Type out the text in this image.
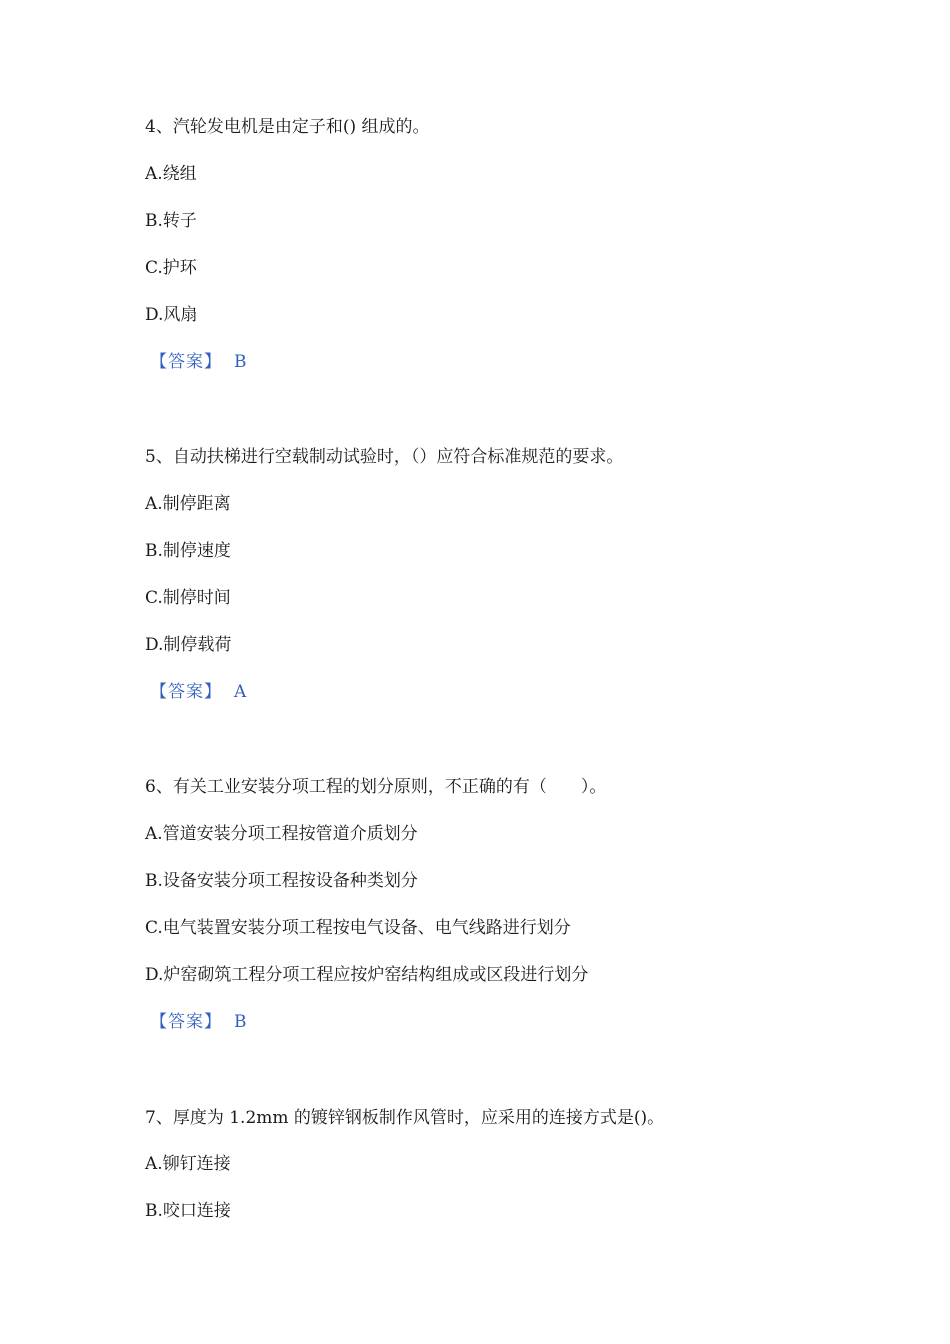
4、汽轮发电机是由定子和() 组成的。
A.绕组
B.转子
C.护环
D.风扇
【答案】 B
5、自动扶梯进行空载制动试验时，（）应符合标准规范的要求。
A.制停距离
B.制停速度
C.制停时间
D.制停载荷
【答案】 A
6、有关工业安装分项工程的划分原则，不正确的有（　　）。
A.管道安装分项工程按管道介质划分
B.设备安装分项工程按设备种类划分
C.电气装置安装分项工程按电气设备、电气线路进行划分
D.炉窑砌筑工程分项工程应按炉窑结构组成或区段进行划分
【答案】 B
7、厚度为 1.2mm 的镀锌钢板制作风管时，应采用的连接方式是()。
A.铆钉连接
B.咬口连接
